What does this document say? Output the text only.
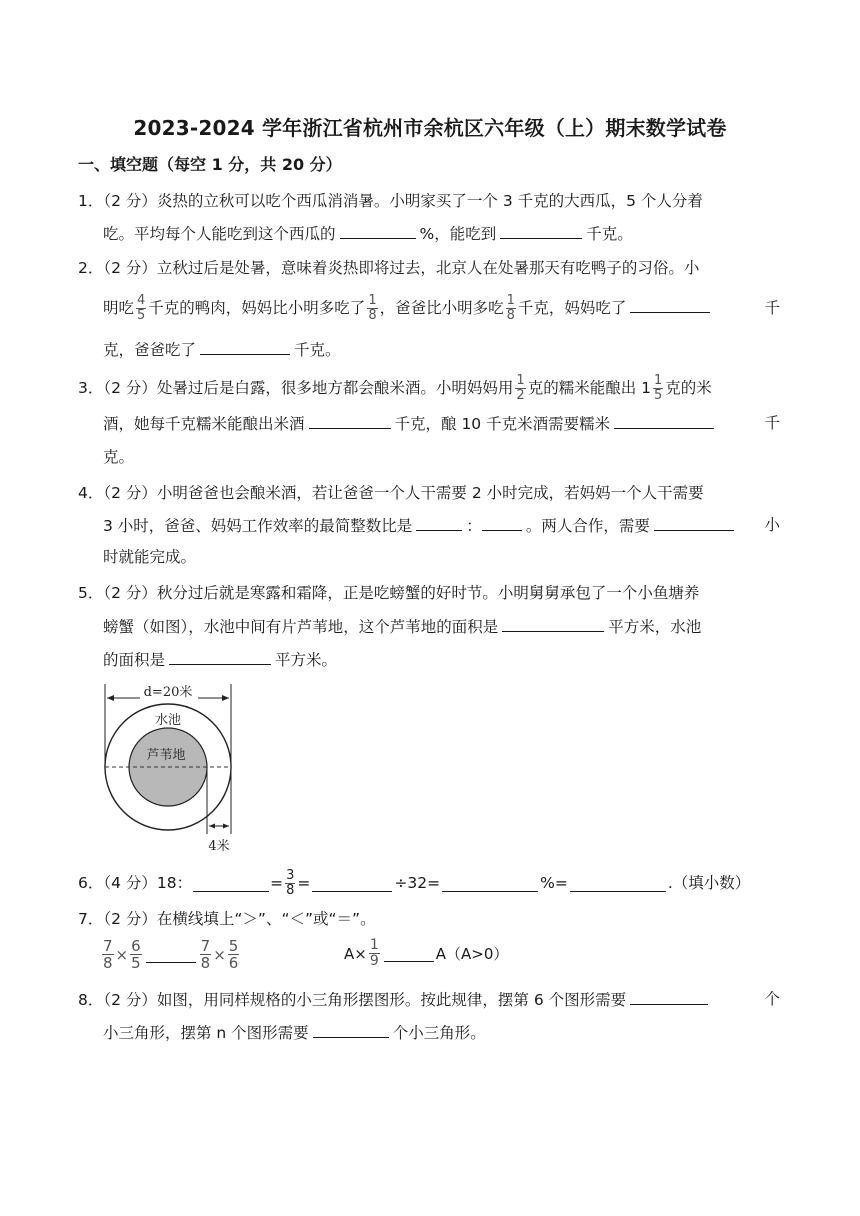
2023-2024 学年浙江省杭州市余杭区六年级（上）期末数学试卷
一、填空题（每空 1 分，共 20 分）
1．（2 分）炎热的立秋可以吃个西瓜消消暑。小明家买了一个 3 千克的大西瓜，5 个人分着
吃。平均每个人能吃到这个西瓜的	%，能吃到	千克。
2．（2 分）立秋过后是处暑，意味着炎热即将过去，北京人在处暑那天有吃鸭子的习俗。小
明吃 $\frac{4}{5}$ 千克的鸭肉，妈妈比小明多吃了 $\frac{1}{8}$ ，爸爸比小明多吃 $\frac{1}{8}$ 千克，妈妈吃了	千
克，爸爸吃了	千克。
3．（2 分）处暑过后是白露，很多地方都会酿米酒。小明妈妈用 $\frac{1}{2}$ 克的糯米能酿出 $1 \frac{1}{5}$ 克的米
酒，她每千克糯米能酿出米酒	千克，酿 10 千克米酒需要糯米	千
克。
4．（2 分）小明爸爸也会酿米酒，若让爸爸一个人干需要 2 小时完成，若妈妈一个人干需要
3 小时，爸爸、妈妈工作效率的最简整数比是	：	。两人合作，需要	小
时就能完成。
5．（2 分）秋分过后就是寒露和霜降，正是吃螃蟹的好时节。小明舅舅承包了一个小鱼塘养
螃蟹（如图），水池中间有片芦苇地，这个芦苇地的面积是	平方米，水池
的面积是	平方米。
d=20米
水池
芦苇地
4米
6．（4 分）18：	= $\frac{3}{8}$ =	÷32=	%=	.（填小数）
7．（2 分）在横线填上“＞”、“＜”或“＝”。
$\frac{7}{8} \times \frac{6}{5}$	$\frac{7}{8} \times \frac{5}{6}$	$A\times \frac{1}{9}$	A（A>0）
8．（2 分）如图，用同样规格的小三角形摆图形。按此规律，摆第 6 个图形需要	个
小三角形，摆第 n 个图形需要	个小三角形。
